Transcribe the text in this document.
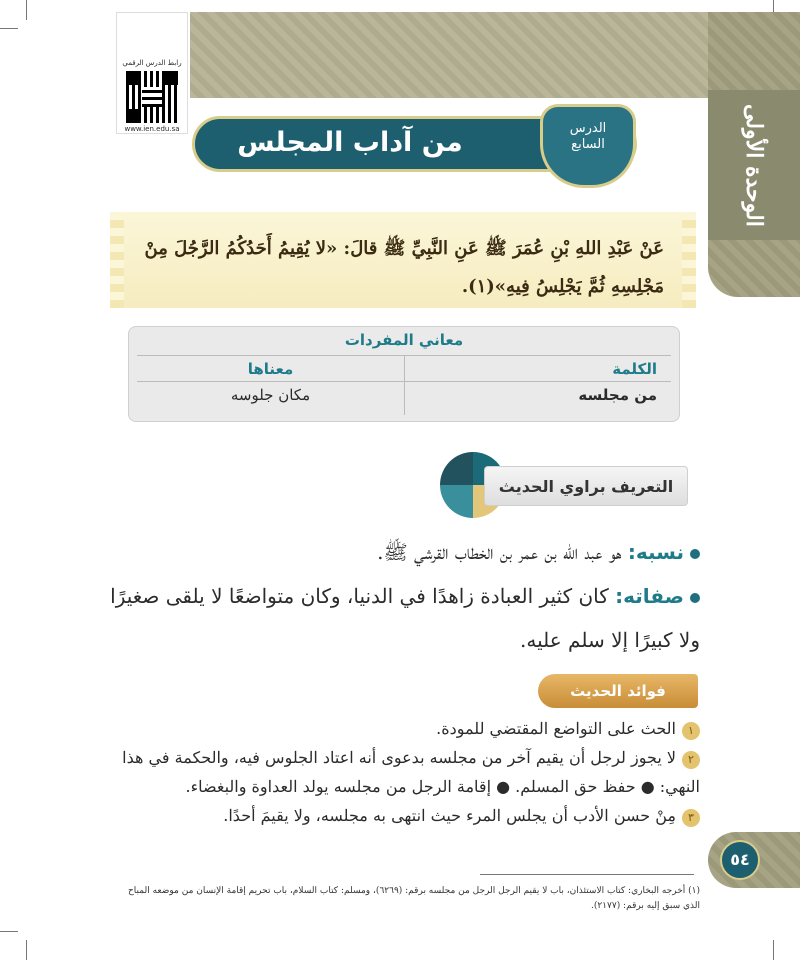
الوحدة الأولى
رابط الدرس الرقمي
www.ien.edu.sa من آداب المجلس	الدرس
السابع
عَنْ عَبْدِ اللهِ بْنِ عُمَرَ ﷺ عَنِ النَّبِيِّ ﷺ قالَ: «لا يُقِيمُ أَحَدُكُمُ الرَّجُلَ مِنْ مَجْلِسِهِ ثُمَّ يَجْلِسُ فِيهِ»(١).
معاني المفردات
الكلمة
معناها
من مجلسه
مكان جلوسه
التعريف براوي الحديث
نسبه: هو عبد الله بن عمر بن الخطاب القرشي ﷺ.
صفاته: كان كثير العبادة زاهدًا في الدنيا، وكان متواضعًا لا يلقى صغيرًا ولا كبيرًا إلا سلم عليه.
فوائد الحديث
١الحث على التواضع المقتضي للمودة.
٢لا يجوز لرجل أن يقيم آخر من مجلسه بدعوى أنه اعتاد الجلوس فيه، والحكمة في هذا النهي: ● حفظ حق المسلم. ● إقامة الرجل من مجلسه يولد العداوة والبغضاء.
٣مِنْ حسن الأدب أن يجلس المرء حيث انتهى به مجلسه، ولا يقيمَ أحدًا.
٥٤
(١) أخرجه البخاري: كتاب الاستئذان، باب لا يقيم الرجل الرجل من مجلسه برقم: (٦٢٦٩)، ومسلم: كتاب السلام، باب تحريم إقامة الإنسان من موضعه المباح الذي سبق إليه برقم: (٢١٧٧).
